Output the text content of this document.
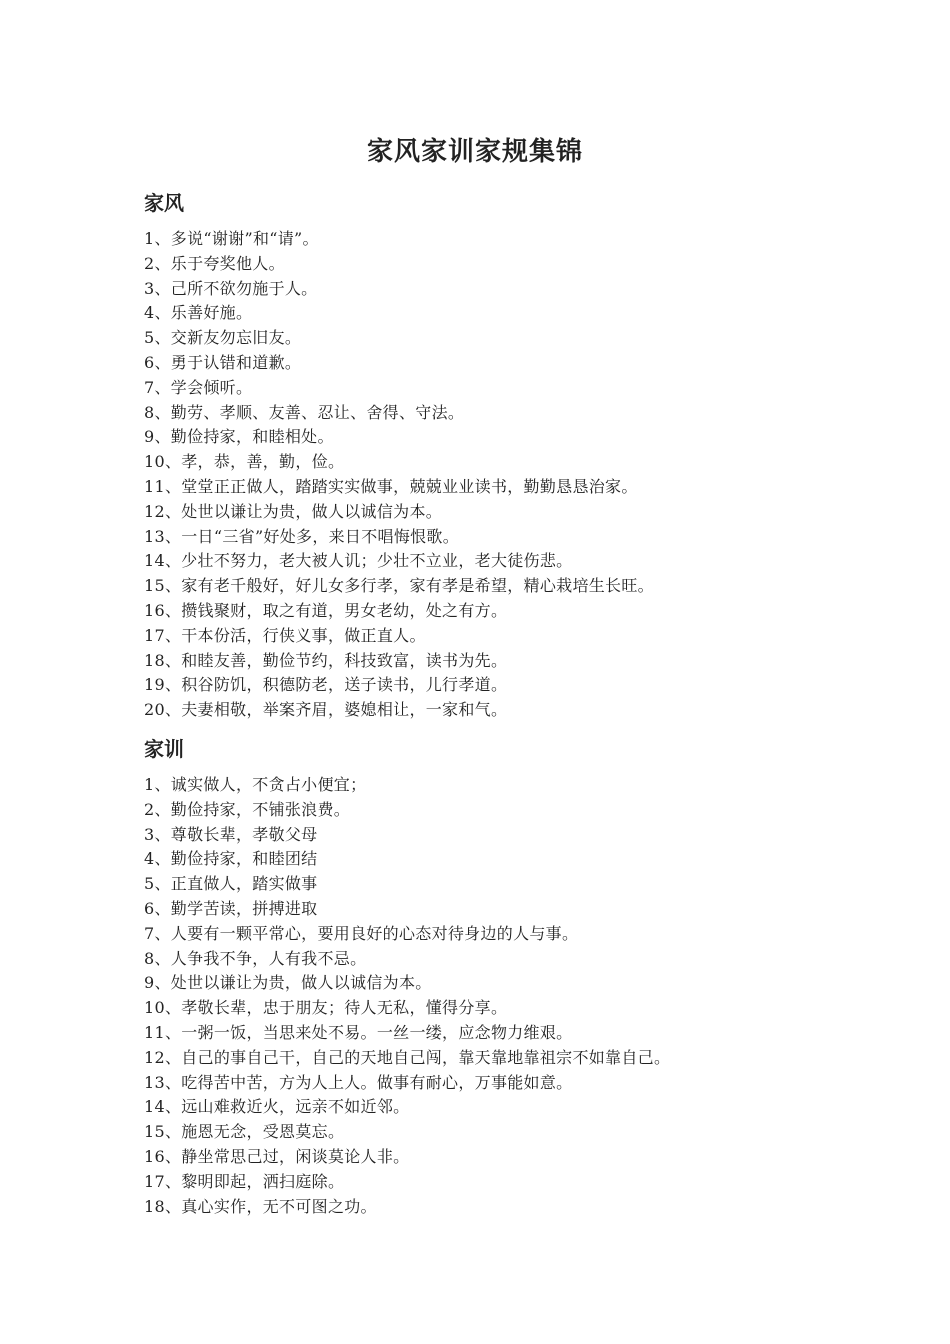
家风家训家规集锦
家风
1、多说“谢谢”和“请”。
2、乐于夸奖他人。
3、己所不欲勿施于人。
4、乐善好施。
5、交新友勿忘旧友。
6、勇于认错和道歉。
7、学会倾听。
8、勤劳、孝顺、友善、忍让、舍得、守法。
9、勤俭持家，和睦相处。
10、孝，恭，善，勤，俭。
11、堂堂正正做人，踏踏实实做事，兢兢业业读书，勤勤恳恳治家。
12、处世以谦让为贵，做人以诚信为本。
13、一日“三省”好处多，来日不唱悔恨歌。
14、少壮不努力，老大被人讥；少壮不立业，老大徒伤悲。
15、家有老千般好，好儿女多行孝，家有孝是希望，精心栽培生长旺。
16、攒钱聚财，取之有道，男女老幼，处之有方。
17、干本份活，行侠义事，做正直人。
18、和睦友善，勤俭节约，科技致富，读书为先。
19、积谷防饥，积德防老，送子读书，儿行孝道。
20、夫妻相敬，举案齐眉，婆媳相让，一家和气。
家训
1、诚实做人，不贪占小便宜；
2、勤俭持家，不铺张浪费。
3、尊敬长辈，孝敬父母
4、勤俭持家，和睦团结
5、正直做人，踏实做事
6、勤学苦读，拼搏进取
7、人要有一颗平常心，要用良好的心态对待身边的人与事。
8、人争我不争，人有我不忌。
9、处世以谦让为贵，做人以诚信为本。
10、孝敬长辈，忠于朋友；待人无私，懂得分享。
11、一粥一饭，当思来处不易。一丝一缕，应念物力维艰。
12、自己的事自己干，自己的天地自己闯，靠天靠地靠祖宗不如靠自己。
13、吃得苦中苦，方为人上人。做事有耐心，万事能如意。
14、远山难救近火，远亲不如近邻。
15、施恩无念，受恩莫忘。
16、静坐常思己过，闲谈莫论人非。
17、黎明即起，洒扫庭除。
18、真心实作，无不可图之功。
